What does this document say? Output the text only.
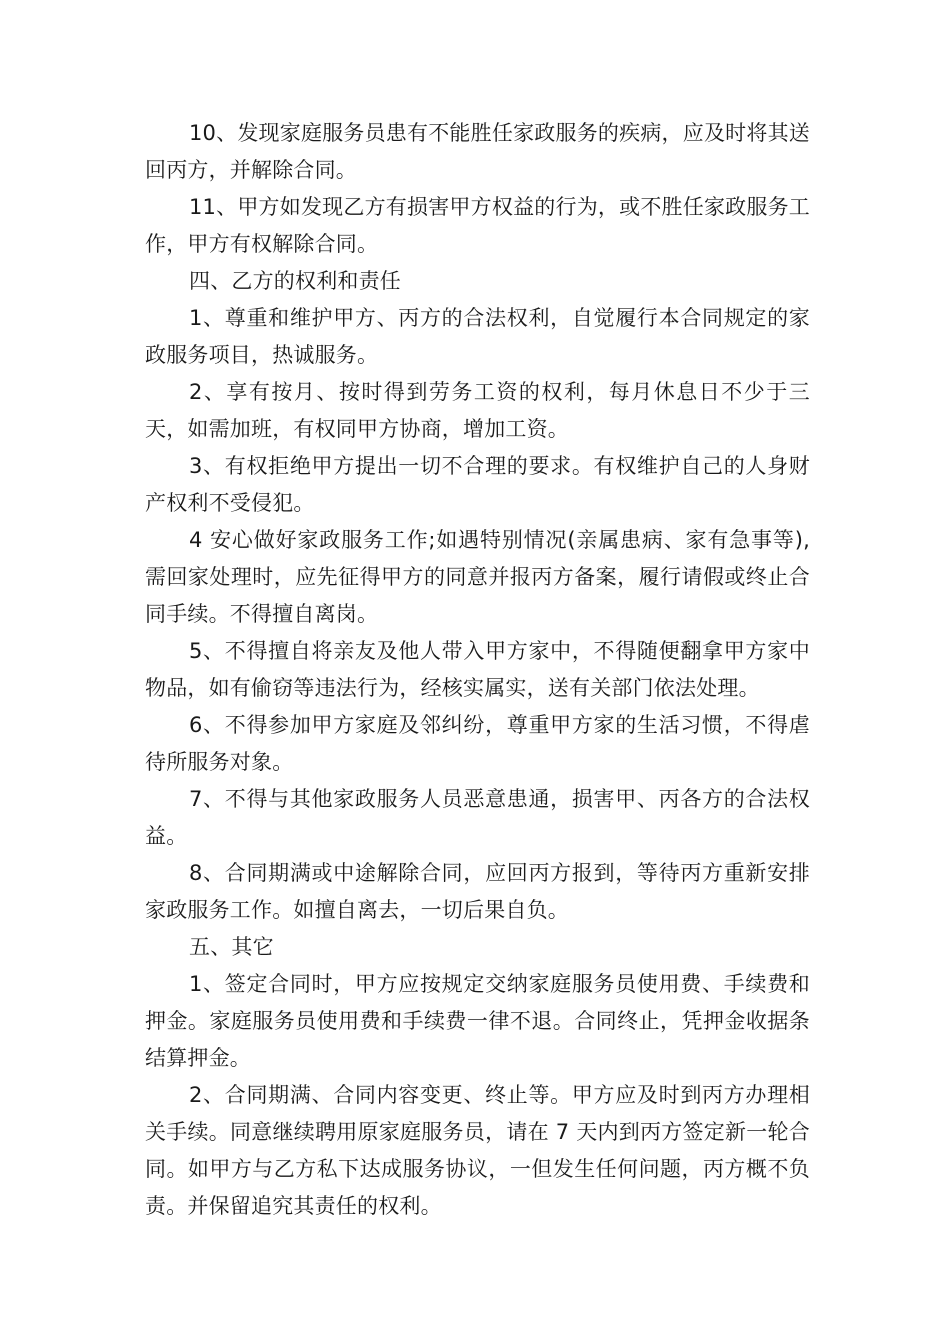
10、发现家庭服务员患有不能胜任家政服务的疾病，应及时将其送回丙方，并解除合同。

11、甲方如发现乙方有损害甲方权益的行为，或不胜任家政服务工作，甲方有权解除合同。

四、乙方的权利和责任

1、尊重和维护甲方、丙方的合法权利，自觉履行本合同规定的家政服务项目，热诚服务。

2、享有按月、按时得到劳务工资的权利，每月休息日不少于三天，如需加班，有权同甲方协商，增加工资。

3、有权拒绝甲方提出一切不合理的要求。有权维护自己的人身财产权利不受侵犯。

4 安心做好家政服务工作;如遇特别情况(亲属患病、家有急事等),需回家处理时，应先征得甲方的同意并报丙方备案，履行请假或终止合同手续。不得擅自离岗。

5、不得擅自将亲友及他人带入甲方家中，不得随便翻拿甲方家中物品，如有偷窃等违法行为，经核实属实，送有关部门依法处理。

6、不得参加甲方家庭及邻纠纷，尊重甲方家的生活习惯，不得虐待所服务对象。

7、不得与其他家政服务人员恶意患通，损害甲、丙各方的合法权益。

8、合同期满或中途解除合同，应回丙方报到，等待丙方重新安排家政服务工作。如擅自离去，一切后果自负。

五、其它

1、签定合同时，甲方应按规定交纳家庭服务员使用费、手续费和押金。家庭服务员使用费和手续费一律不退。合同终止，凭押金收据条结算押金。

2、合同期满、合同内容变更、终止等。甲方应及时到丙方办理相关手续。同意继续聘用原家庭服务员，请在 7 天内到丙方签定新一轮合同。如甲方与乙方私下达成服务协议，一但发生任何问题，丙方概不负责。并保留追究其责任的权利。
